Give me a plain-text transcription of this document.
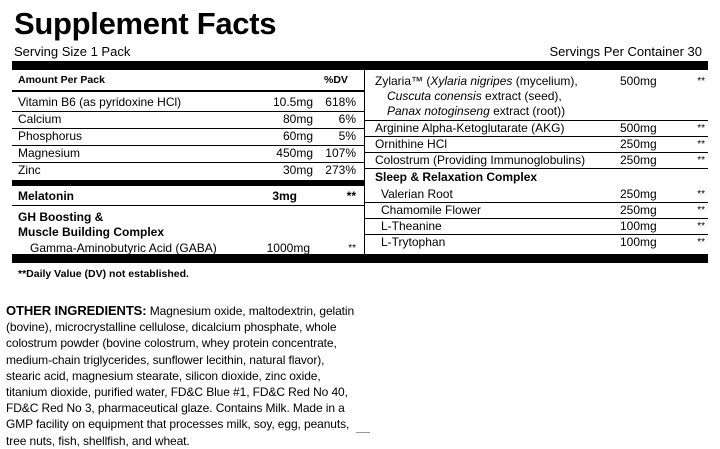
Supplement Facts
Serving Size 1 Pack	Servings Per Container 30
Amount Per Pack	%DV
Vitamin B6 (as pyridoxine HCl)	10.5mg	618%
Calcium	80mg	6%
Phosphorus	60mg	5%
Magnesium	450mg	107%
Zinc	30mg	273%
Melatonin	3mg	**
GH Boosting &
Muscle Building Complex
Gamma-Aminobutyric Acid (GABA)	1000mg	**
Zylaria™ (Xylaria nigripes (mycelium),
Cuscuta conensis extract (seed),
Panax notoginseng extract (root))
500mg	**
Arginine Alpha-Ketoglutarate (AKG)	500mg	**
Ornithine HCl	250mg	**
Colostrum (Providing Immunoglobulins)	250mg	**
Sleep & Relaxation Complex
Valerian Root	250mg	**
Chamomile Flower	250mg	**
L-Theanine	100mg	**
L-Trytophan	100mg	**
**Daily Value (DV) not established.
OTHER INGREDIENTS: Magnesium oxide, maltodextrin, gelatin (bovine), microcrystalline cellulose, dicalcium phosphate, whole colostrum powder (bovine colostrum, whey protein concentrate, medium-chain triglycerides, sunflower lecithin, natural flavor), stearic acid, magnesium stearate, silicon dioxide, zinc oxide, titanium dioxide, purified water, FD&C Blue #1, FD&C Red No 40, FD&C Red No 3, pharmaceutical glaze. Contains Milk. Made in a GMP facility on equipment that processes milk, soy, egg, peanuts, tree nuts, fish, shellfish, and wheat.
